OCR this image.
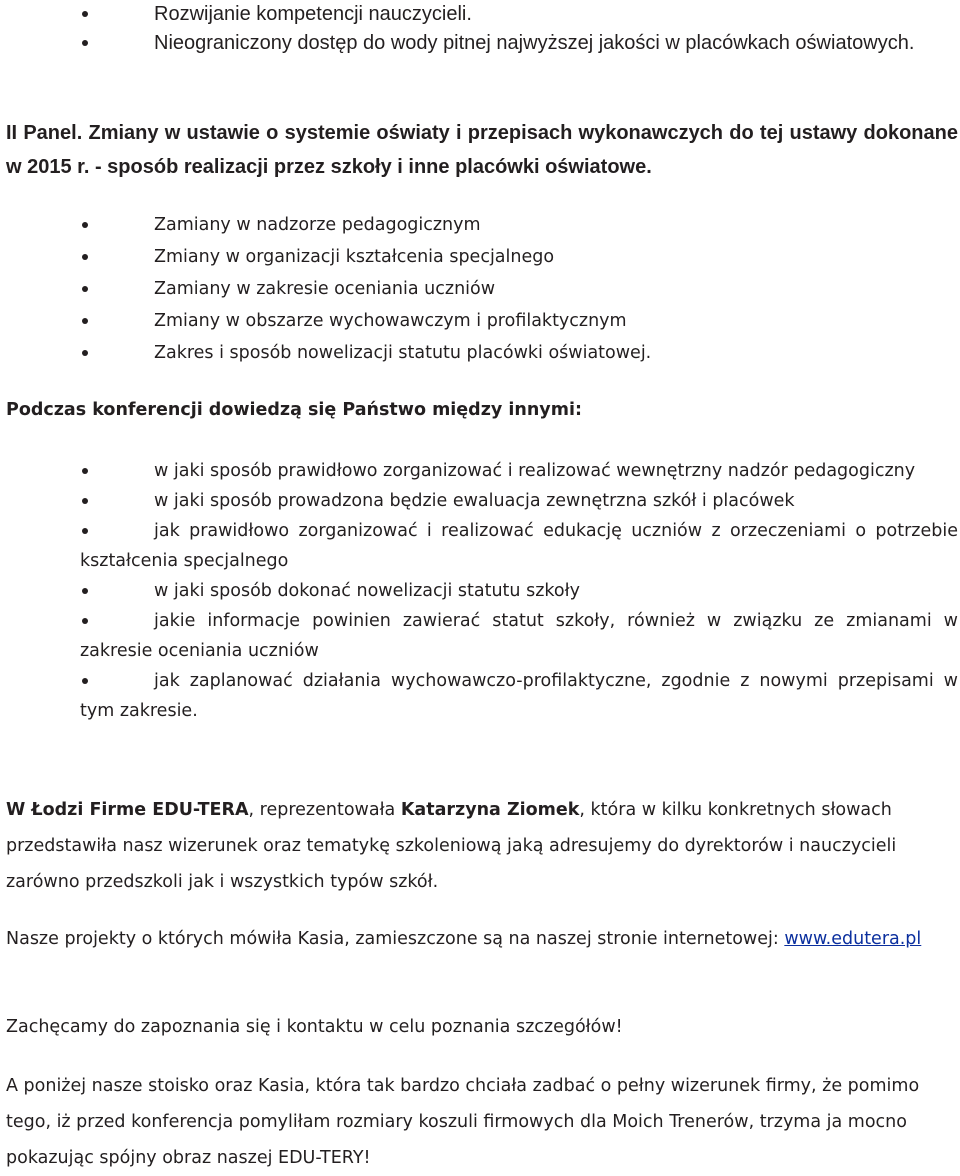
Rozwijanie kompetencji nauczycieli.
Nieograniczony dostęp do wody pitnej najwyższej jakości w placówkach oświatowych.
II Panel. Zmiany w ustawie o systemie oświaty i przepisach wykonawczych do tej ustawy dokonane w 2015 r. - sposób realizacji przez szkoły i inne placówki oświatowe.
Zamiany w nadzorze pedagogicznym
Zmiany w organizacji kształcenia specjalnego
Zamiany w zakresie oceniania uczniów
Zmiany w obszarze wychowawczym i profilaktycznym
Zakres i sposób nowelizacji statutu placówki oświatowej.
Podczas konferencji dowiedzą się Państwo między innymi:
w jaki sposób prawidłowo zorganizować i realizować wewnętrzny nadzór pedagogiczny
w jaki sposób prowadzona będzie ewaluacja zewnętrzna szkół i placówek
jak prawidłowo zorganizować i realizować edukację uczniów z orzeczeniami o potrzebie kształcenia specjalnego
w jaki sposób dokonać nowelizacji statutu szkoły
jakie informacje powinien zawierać statut szkoły, również w związku ze zmianami w zakresie oceniania uczniów
jak zaplanować działania wychowawczo-profilaktyczne, zgodnie z nowymi przepisami w tym zakresie.

W Łodzi Firme EDU-TERA, reprezentowała Katarzyna Ziomek, która w kilku konkretnych słowach przedstawiła nasz wizerunek oraz tematykę szkoleniową jaką adresujemy do dyrektorów i nauczycieli zarówno przedszkoli jak i wszystkich typów szkół.

Nasze projekty o których mówiła Kasia, zamieszczone są na naszej stronie internetowej: www.edutera.pl

Zachęcamy do zapoznania się i kontaktu w celu poznania szczegółów!

A poniżej nasze stoisko oraz Kasia, która tak bardzo chciała zadbać o pełny wizerunek firmy, że pomimo tego, iż przed konferencja pomyliłam rozmiary koszuli firmowych dla Moich Trenerów, trzyma ja mocno pokazując spójny obraz naszej EDU-TERY!
